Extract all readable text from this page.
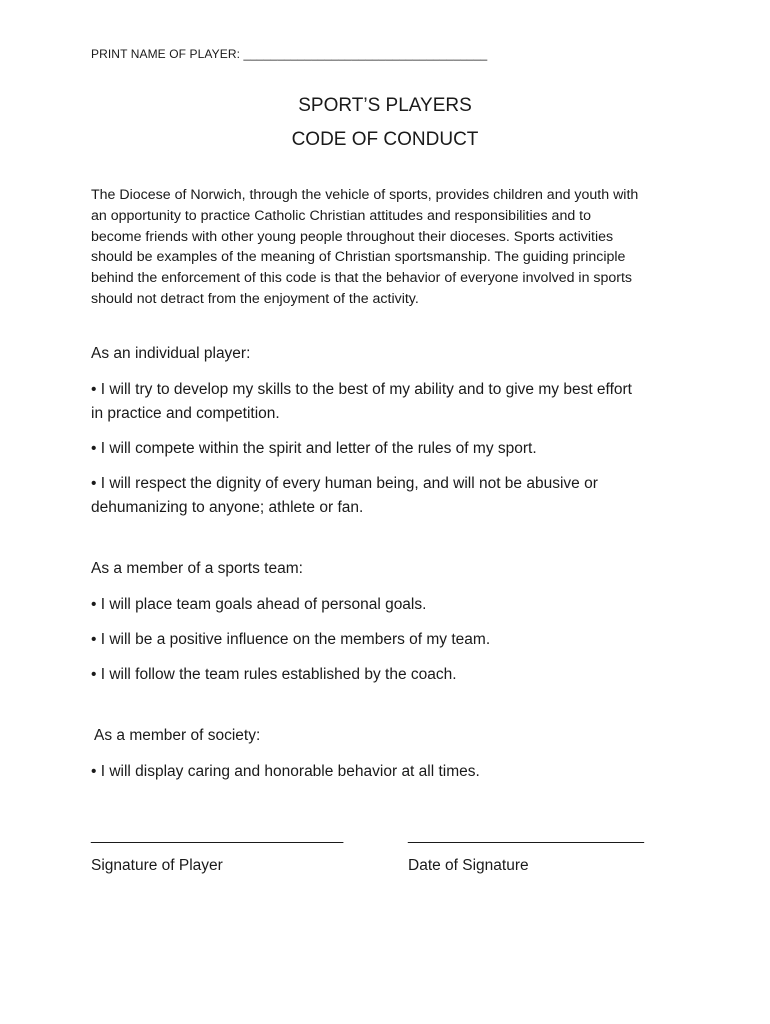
PRINT NAME OF PLAYER: ____________________________________
SPORT’S PLAYERS
CODE OF CONDUCT
The Diocese of Norwich, through the vehicle of sports, provides children and youth with
an opportunity to practice Catholic Christian attitudes and responsibilities and to
become friends with other young people throughout their dioceses. Sports activities
should be examples of the meaning of Christian sportsmanship. The guiding principle
behind the enforcement of this code is that the behavior of everyone involved in sports
should not detract from the enjoyment of the activity.
As an individual player:
• I will try to develop my skills to the best of my ability and to give my best effort
in practice and competition.
• I will compete within the spirit and letter of the rules of my sport.
• I will respect the dignity of every human being, and will not be abusive or
dehumanizing to anyone; athlete or fan.
As a member of a sports team:
• I will place team goals ahead of personal goals.
• I will be a positive influence on the members of my team.
• I will follow the team rules established by the coach.
As a member of society:
• I will display caring and honorable behavior at all times.
_______________________________	_____________________________
Signature of Player	Date of Signature
